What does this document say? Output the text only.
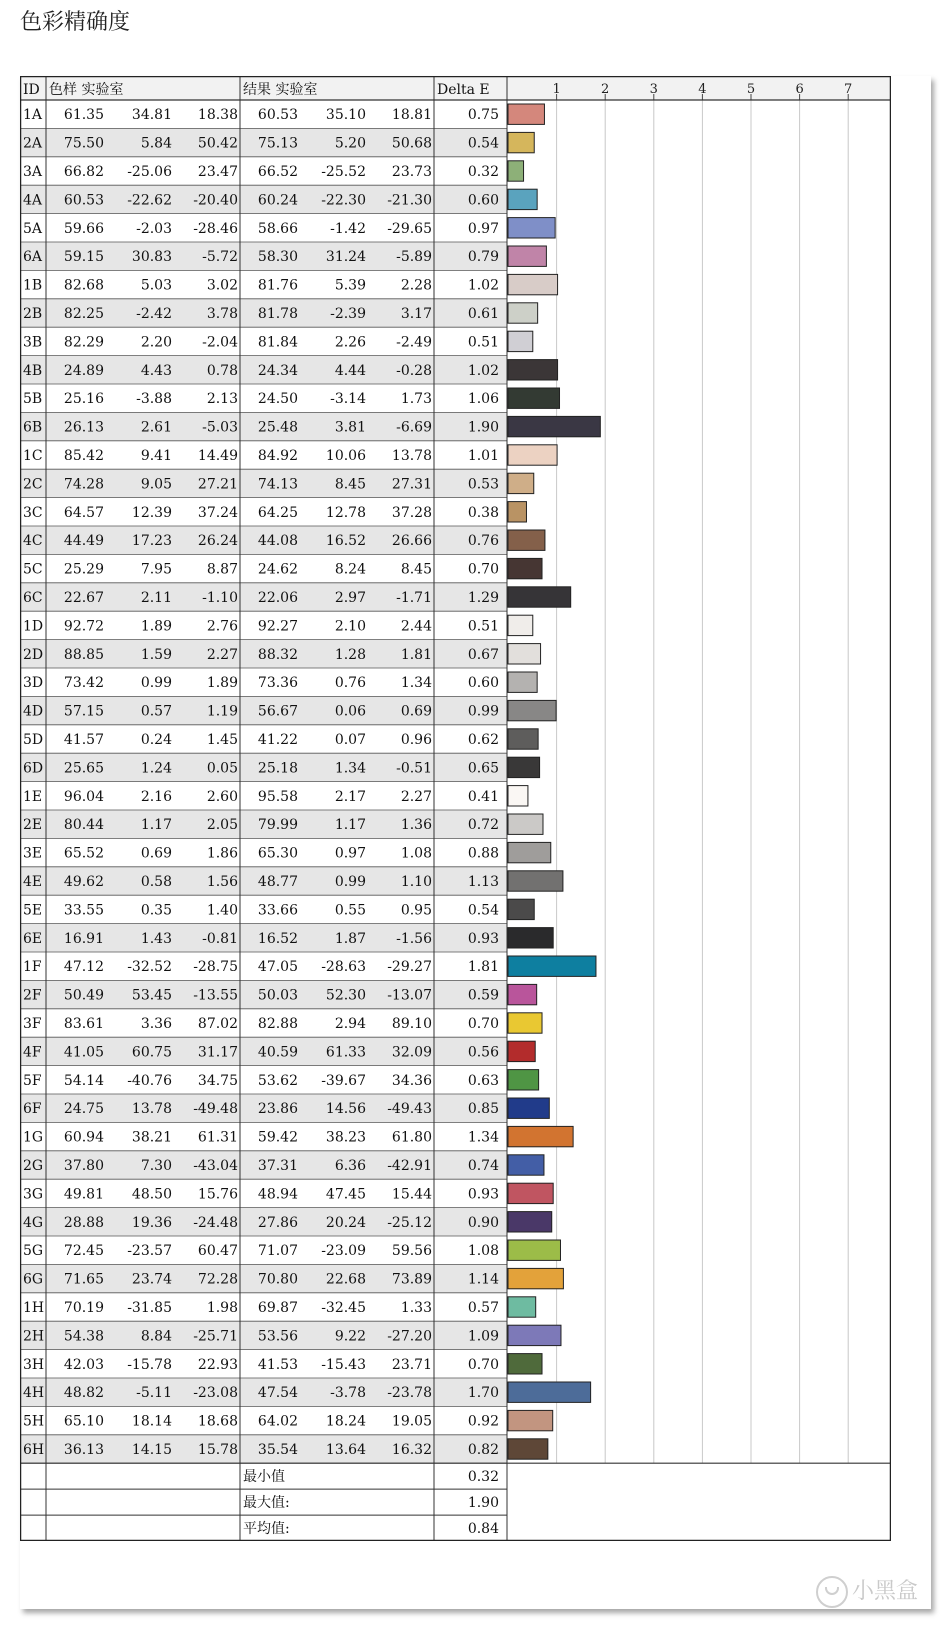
色彩精确度
1	2	3	4	5	6	7
ID 色样 实验室	结果 实验室	Delta E
1A 61.35 34.81 18.38 60.53 35.10 18.81	0.75
2A 75.50	5.84 50.42 75.13	5.20 50.68	0.54
3A 66.82 -25.06 23.47 66.52 -25.52 23.73	0.32
4A 60.53 -22.62 -20.40 60.24 -22.30 -21.30	0.60
5A 59.66 -2.03 -28.46 58.66 -1.42 -29.65	0.97
6A 59.15 30.83 -5.72 58.30 31.24 -5.89	0.79
1B 82.68	5.03 3.02 81.76	5.39 2.28	1.02
2B 82.25 -2.42 3.78 81.78 -2.39 3.17	0.61
3B 82.29	2.20 -2.04 81.84	2.26 -2.49	0.51
4B 24.89	4.43 0.78 24.34	4.44 -0.28	1.02
5B 25.16 -3.88 2.13 24.50 -3.14 1.73	1.06
6B 26.13	2.61 -5.03 25.48	3.81 -6.69	1.90
1C 85.42	9.41 14.49 84.92 10.06 13.78	1.01
2C 74.28	9.05 27.21 74.13	8.45 27.31	0.53
3C 64.57 12.39 37.24 64.25 12.78 37.28	0.38
4C 44.49 17.23 26.24 44.08 16.52 26.66	0.76
5C 25.29	7.95 8.87 24.62	8.24 8.45	0.70
6C 22.67	2.11 -1.10 22.06	2.97 -1.71	1.29
1D 92.72	1.89 2.76 92.27	2.10 2.44	0.51
2D 88.85	1.59 2.27 88.32	1.28 1.81	0.67
3D 73.42	0.99 1.89 73.36	0.76 1.34	0.60
4D 57.15	0.57 1.19 56.67	0.06 0.69	0.99
5D 41.57	0.24 1.45 41.22	0.07 0.96	0.62
6D 25.65	1.24 0.05 25.18	1.34 -0.51	0.65
1E 96.04	2.16 2.60 95.58	2.17 2.27	0.41
2E 80.44	1.17 2.05 79.99	1.17 1.36	0.72
3E 65.52	0.69 1.86 65.30	0.97 1.08	0.88
4E 49.62	0.58 1.56 48.77	0.99 1.10	1.13
5E 33.55	0.35 1.40 33.66	0.55 0.95	0.54
6E 16.91	1.43 -0.81 16.52	1.87 -1.56	0.93
1F 47.12 -32.52 -28.75 47.05 -28.63 -29.27	1.81
2F 50.49 53.45 -13.55 50.03 52.30 -13.07	0.59
3F 83.61	3.36 87.02 82.88	2.94 89.10	0.70
4F 41.05 60.75 31.17 40.59 61.33 32.09	0.56
5F 54.14 -40.76 34.75 53.62 -39.67 34.36	0.63
6F 24.75 13.78 -49.48 23.86 14.56 -49.43	0.85
1G 60.94 38.21 61.31 59.42 38.23 61.80	1.34
2G 37.80	7.30 -43.04 37.31	6.36 -42.91	0.74
3G 49.81 48.50 15.76 48.94 47.45 15.44	0.93
4G 28.88 19.36 -24.48 27.86 20.24 -25.12	0.90
5G 72.45 -23.57 60.47 71.07 -23.09 59.56	1.08
6G 71.65 23.74 72.28 70.80 22.68 73.89	1.14
1H 70.19 -31.85 1.98 69.87 -32.45 1.33	0.57
2H 54.38	8.84 -25.71 53.56	9.22 -27.20	1.09
3H 42.03 -15.78 22.93 41.53 -15.43 23.71	0.70
4H 48.82 -5.11 -23.08 47.54 -3.78 -23.78	1.70
5H 65.10 18.14 18.68 64.02 18.24 19.05	0.92
6H 36.13 14.15 15.78 35.54 13.64 16.32	0.82
最小值	0.32
最大值:	1.90
平均值:	0.84
小黑盒
